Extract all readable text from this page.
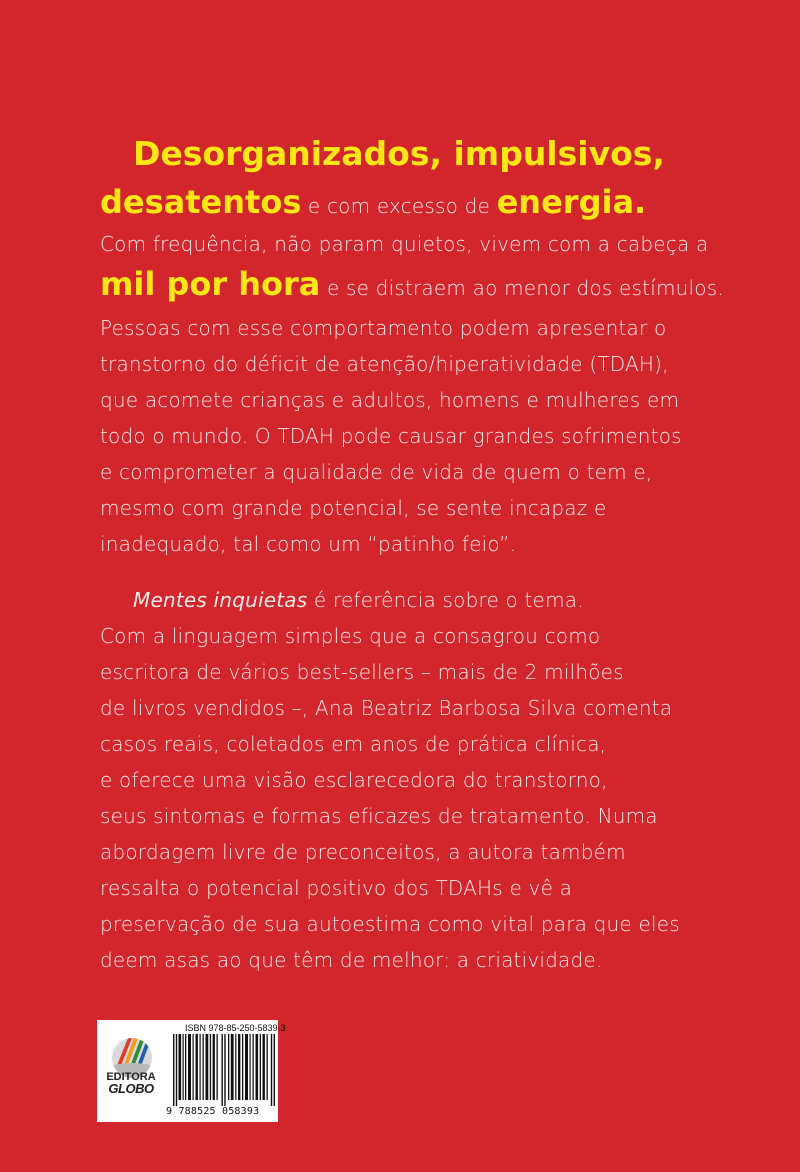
Desorganizados, impulsivos,
desatentos e com excesso de energia.
Com frequência, não param quietos, vivem com a cabeça a
mil por hora e se distraem ao menor dos estímulos.
Pessoas com esse comportamento podem apresentar o
transtorno do déficit de atenção/hiperatividade (TDAH),
que acomete crianças e adultos, homens e mulheres em
todo o mundo. O TDAH pode causar grandes sofrimentos
e comprometer a qualidade de vida de quem o tem e,
mesmo com grande potencial, se sente incapaz e
inadequado, tal como um “patinho feio”.
Mentes inquietas é referência sobre o tema.
Com a linguagem simples que a consagrou como
escritora de vários best-sellers – mais de 2 milhões
de livros vendidos –, Ana Beatriz Barbosa Silva comenta
casos reais, coletados em anos de prática clínica,
e oferece uma visão esclarecedora do transtorno,
seus sintomas e formas eficazes de tratamento. Numa
abordagem livre de preconceitos, a autora também
ressalta o potencial positivo dos TDAHs e vê a
preservação de sua autoestima como vital para que eles
deem asas ao que têm de melhor: a criatividade.
EDITORA
GLOBO
ISBN 978-85-250-5839-3
9 788525 058393
